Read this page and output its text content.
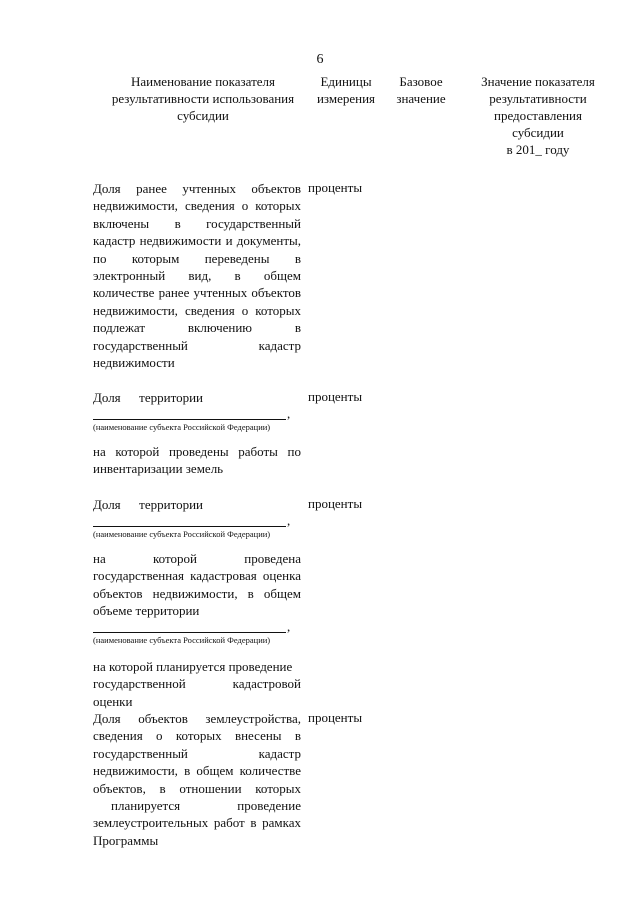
6
Наименование показателя
результативности использования
субсидии
Единицы
измерения
Базовое
значение
Значение показателя
результативности
предоставления
субсидии
в 201_ году
Доля ранее учтенных объектов
недвижимости, сведения о которых
включены в государственный
кадастр недвижимости и документы,
по которым переведены в
электронный вид, в общем
количестве ранее учтенных объектов
недвижимости, сведения о которых
подлежат включению в
государственный кадастр
недвижимости
проценты
Доля территории	проценты
,
(наименование субъекта Российской Федерации)
на которой проведены работы по
инвентаризации земель
Доля территории	проценты
,
(наименование субъекта Российской Федерации)
на которой проведена
государственная кадастровая оценка
объектов недвижимости, в общем
объеме территории
,
(наименование субъекта Российской Федерации)
на которой планируется проведение
государственной кадастровой
оценки
Доля объектов землеустройства,
сведения о которых внесены в
государственный кадастр
недвижимости, в общем количестве
объектов, в отношении которых
планируется проведение
землеустроительных работ в рамках
Программы
проценты
